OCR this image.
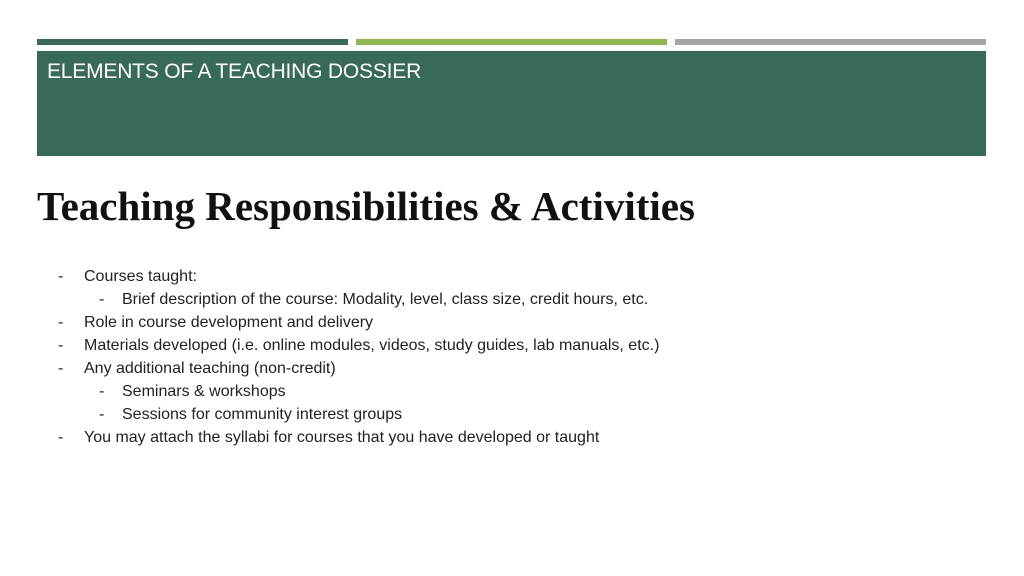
ELEMENTS OF A TEACHING DOSSIER
Teaching Responsibilities & Activities
- Courses taught:
- Brief description of the course: Modality, level, class size, credit hours, etc.
- Role in course development and delivery
- Materials developed (i.e. online modules, videos, study guides, lab manuals, etc.)
- Any additional teaching (non-credit)
- Seminars & workshops
- Sessions for community interest groups
- You may attach the syllabi for courses that you have developed or taught
